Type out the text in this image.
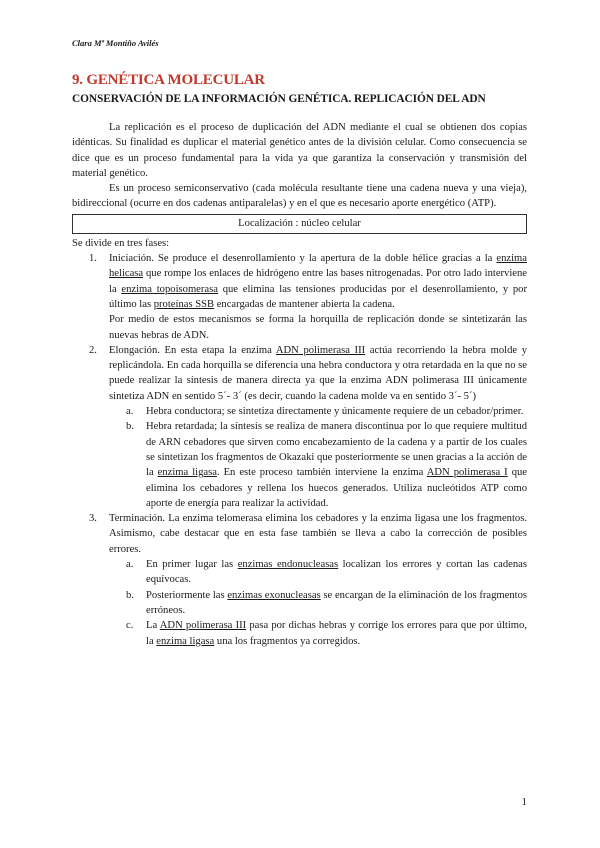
Clara Mª Montiño Avilés
9. GENÉTICA MOLECULAR
CONSERVACIÓN DE LA INFORMACIÓN GENÉTICA. REPLICACIÓN DEL ADN

La replicación es el proceso de duplicación del ADN mediante el cual se obtienen dos copias idénticas. Su finalidad es duplicar el material genético antes de la división celular. Como consecuencia se dice que es un proceso fundamental para la vida ya que garantiza la conservación y transmisión del material genético.

Es un proceso semiconservativo (cada molécula resultante tiene una cadena nueva y una vieja), bidireccional (ocurre en dos cadenas antiparalelas) y en el que es necesario aporte energético (ATP).

Localización : núcleo celular

Se divide en tres fases:

1. Iniciación. Se produce el desenrollamiento y la apertura de la doble hélice gracias a la enzima helicasa que rompe los enlaces de hidrógeno entre las bases nitrogenadas. Por otro lado interviene la enzima topoisomerasa que elimina las tensiones producidas por el desenrollamiento, y por último las proteínas SSB encargadas de mantener abierta la cadena.

Por medio de estos mecanismos se forma la horquilla de replicación donde se sintetizarán las nuevas hebras de ADN.

2. Elongación. En esta etapa la enzima ADN polimerasa III actúa recorriendo la hebra molde y replicándola. En cada horquilla se diferencia una hebra conductora y otra retardada en la que no se puede realizar la síntesis de manera directa ya que la enzima ADN polimerasa III únicamente sintetiza ADN en sentido 5´- 3´ (es decir, cuando la cadena molde va en sentido 3´- 5´)
a. Hebra conductora; se sintetiza directamente y únicamente requiere de un cebador/primer.
b. Hebra retardada; la síntesis se realiza de manera discontinua por lo que requiere multitud de ARN cebadores que sirven como encabezamiento de la cadena y a partir de los cuales se sintetizan los fragmentos de Okazaki que posteriormente se unen gracias a la acción de la enzima ligasa. En este proceso también interviene la enzima ADN polimerasa I que elimina los cebadores y rellena los huecos generados. Utiliza nucleótidos ATP como aporte de energía para realizar la actividad.
3. Terminación. La enzima telomerasa elimina los cebadores y la enzima ligasa une los fragmentos. Asimismo, cabe destacar que en esta fase también se lleva a cabo la corrección de posibles errores.
a. En primer lugar las enzimas endonucleasas localizan los errores y cortan las cadenas equívocas.
b. Posteriormente las enzimas exonucleasas se encargan de la eliminación de los fragmentos erróneos.
c. La ADN polimerasa III pasa por dichas hebras y corrige los errores para que por último, la enzima ligasa una los fragmentos ya corregidos.
1
